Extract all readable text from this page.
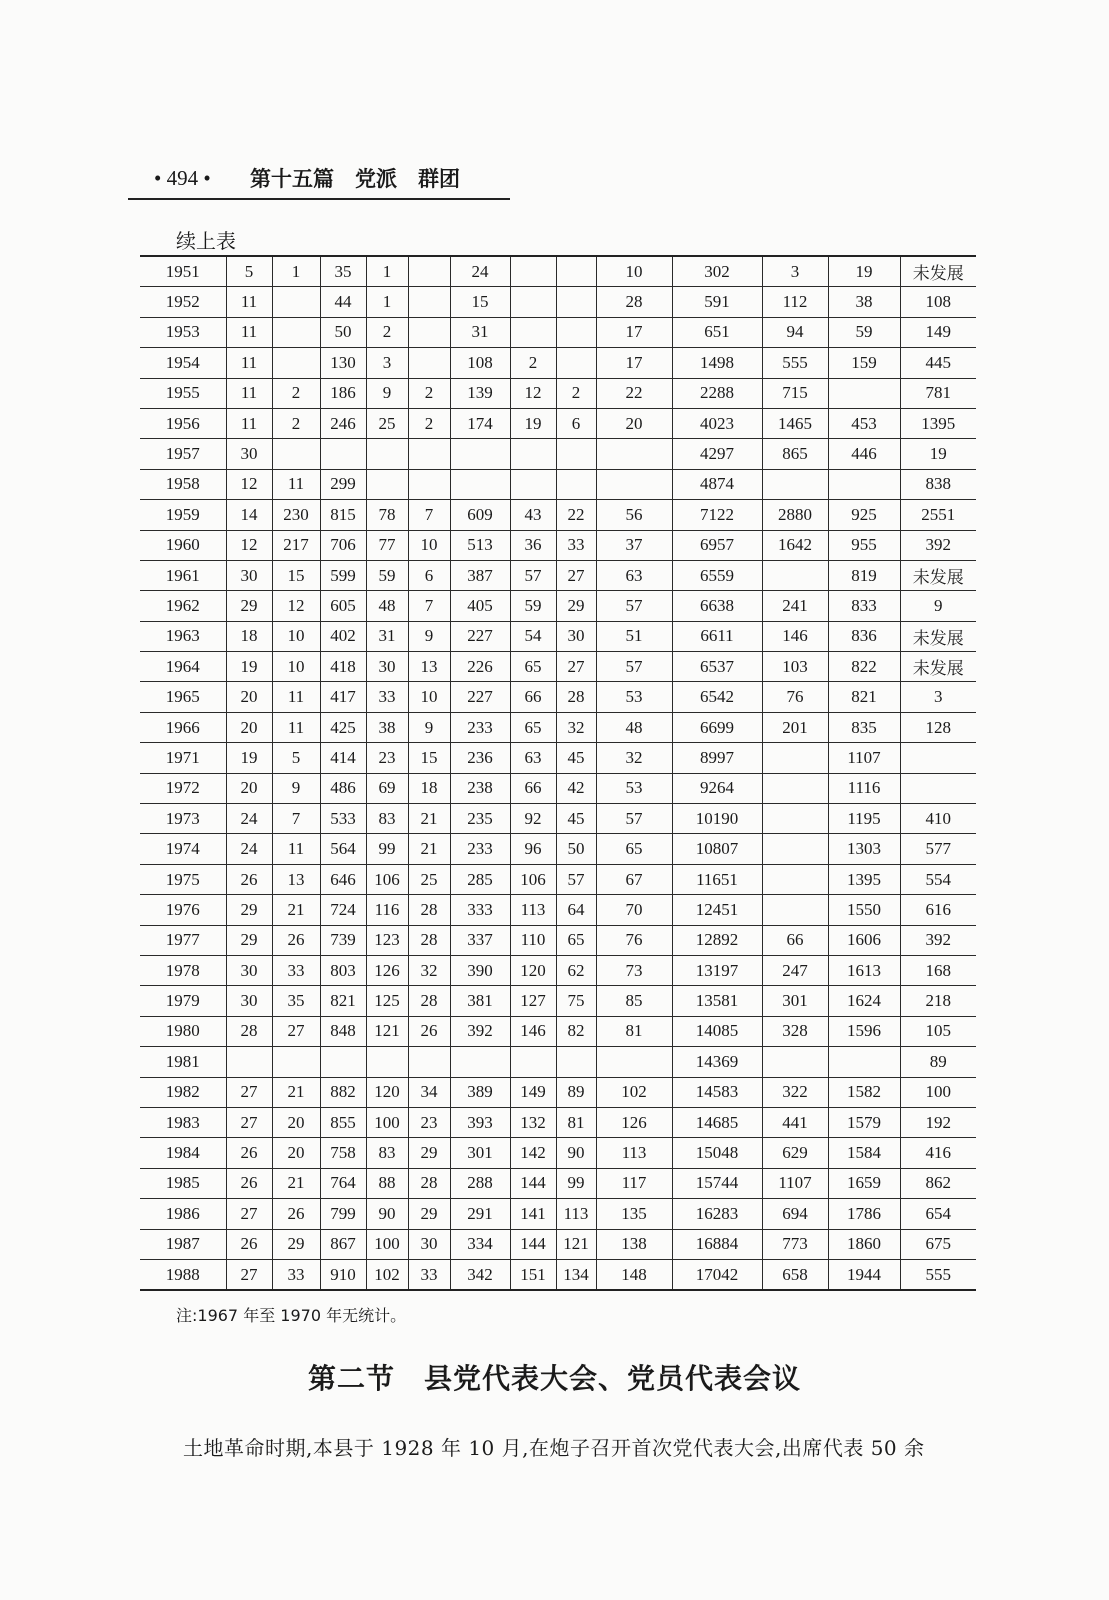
• 494 • 第十五篇　党派　群团
续上表
1951	5	1	35	1		24			10	302	3	19	未发展
1952	11		44	1		15			28	591	112	38	108
1953	11		50	2		31			17	651	94	59	149
1954	11		130	3		108	2		17	1498	555	159	445
1955	11	2	186	9	2	139	12	2	22	2288	715		781
1956	11	2	246	25	2	174	19	6	20	4023	1465	453	1395
1957	30									4297	865	446	19
1958	12	11	299							4874			838
1959	14	230	815	78	7	609	43	22	56	7122	2880	925	2551
1960	12	217	706	77	10	513	36	33	37	6957	1642	955	392
1961	30	15	599	59	6	387	57	27	63	6559		819	未发展
1962	29	12	605	48	7	405	59	29	57	6638	241	833	9
1963	18	10	402	31	9	227	54	30	51	6611	146	836	未发展
1964	19	10	418	30	13	226	65	27	57	6537	103	822	未发展
1965	20	11	417	33	10	227	66	28	53	6542	76	821	3
1966	20	11	425	38	9	233	65	32	48	6699	201	835	128
1971	19	5	414	23	15	236	63	45	32	8997		1107	
1972	20	9	486	69	18	238	66	42	53	9264		1116	
1973	24	7	533	83	21	235	92	45	57	10190		1195	410
1974	24	11	564	99	21	233	96	50	65	10807		1303	577
1975	26	13	646	106	25	285	106	57	67	11651		1395	554
1976	29	21	724	116	28	333	113	64	70	12451		1550	616
1977	29	26	739	123	28	337	110	65	76	12892	66	1606	392
1978	30	33	803	126	32	390	120	62	73	13197	247	1613	168
1979	30	35	821	125	28	381	127	75	85	13581	301	1624	218
1980	28	27	848	121	26	392	146	82	81	14085	328	1596	105
1981										14369			89
1982	27	21	882	120	34	389	149	89	102	14583	322	1582	100
1983	27	20	855	100	23	393	132	81	126	14685	441	1579	192
1984	26	20	758	83	29	301	142	90	113	15048	629	1584	416
1985	26	21	764	88	28	288	144	99	117	15744	1107	1659	862
1986	27	26	799	90	29	291	141	113	135	16283	694	1786	654
1987	26	29	867	100	30	334	144	121	138	16884	773	1860	675
1988	27	33	910	102	33	342	151	134	148	17042	658	1944	555
注:1967 年至 1970 年无统计。
第二节　县党代表大会、党员代表会议
土地革命时期,本县于 1928 年 10 月,在炮子召开首次党代表大会,出席代表 50 余
